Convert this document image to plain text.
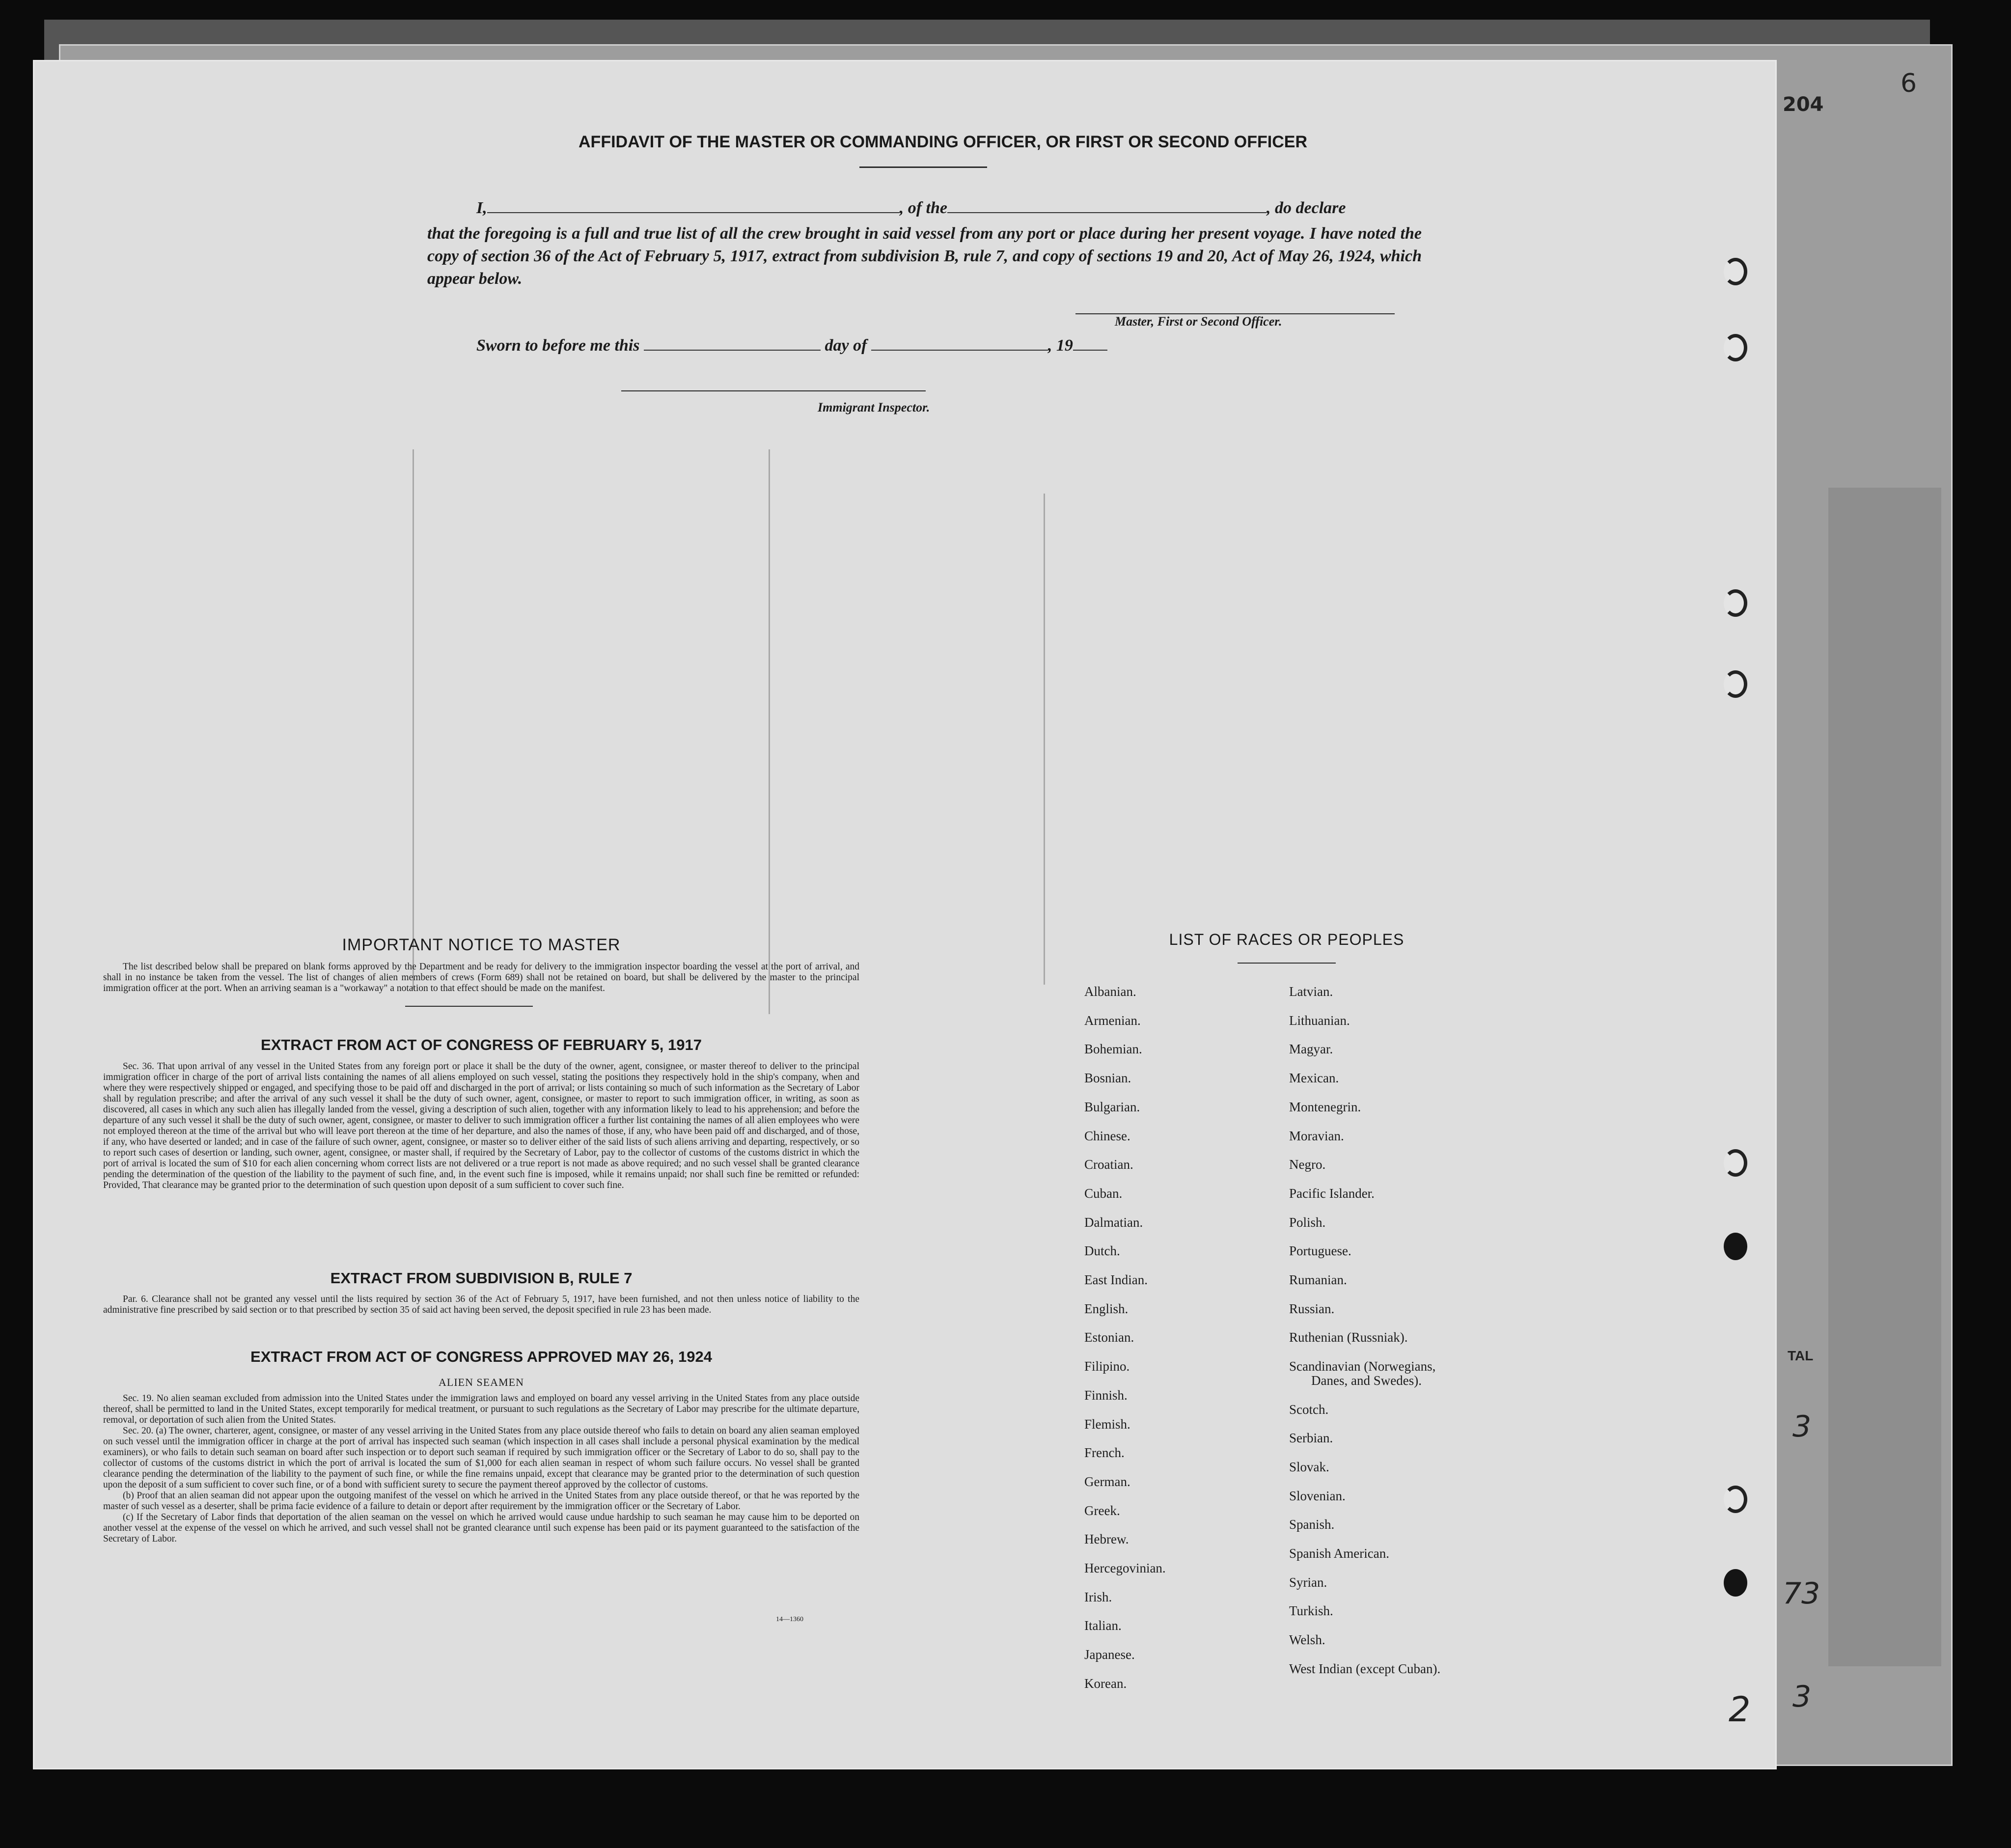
204
6
TAL
3
73
3
AFFIDAVIT OF THE MASTER OR COMMANDING OFFICER, OR FIRST OR SECOND OFFICER
I,	, of the	, do declare
that the foregoing is a full and true list of all the crew brought in said vessel from any port or place during her present voyage. I have noted the copy of section 36 of the Act of February 5, 1917, extract from subdivision B, rule 7, and copy of sections 19 and 20, Act of May 26, 1924, which appear below.
Master, First or Second Officer.
Sworn to before me this	day of	, 19
Immigrant Inspector.
IMPORTANT NOTICE TO MASTER

The list described below shall be prepared on blank forms approved by the Department and be ready for delivery to the immigration inspector boarding the vessel at the port of arrival, and shall in no instance be taken from the vessel. The list of changes of alien members of crews (Form 689) shall not be retained on board, but shall be delivered by the master to the principal immigration officer at the port. When an arriving seaman is a "workaway" a notation to that effect should be made on the manifest.

EXTRACT FROM ACT OF CONGRESS OF FEBRUARY 5, 1917

Sec. 36. That upon arrival of any vessel in the United States from any foreign port or place it shall be the duty of the owner, agent, consignee, or master thereof to deliver to the principal immigration officer in charge of the port of arrival lists containing the names of all aliens employed on such vessel, stating the positions they respectively hold in the ship's company, when and where they were respectively shipped or engaged, and specifying those to be paid off and discharged in the port of arrival; or lists containing so much of such information as the Secretary of Labor shall by regulation prescribe; and after the arrival of any such vessel it shall be the duty of such owner, agent, consignee, or master to report to such immigration officer, in writing, as soon as discovered, all cases in which any such alien has illegally landed from the vessel, giving a description of such alien, together with any information likely to lead to his apprehension; and before the departure of any such vessel it shall be the duty of such owner, agent, consignee, or master to deliver to such immigration officer a further list containing the names of all alien employees who were not employed thereon at the time of the arrival but who will leave port thereon at the time of her departure, and also the names of those, if any, who have been paid off and discharged, and of those, if any, who have deserted or landed; and in case of the failure of such owner, agent, consignee, or master so to deliver either of the said lists of such aliens arriving and departing, respectively, or so to report such cases of desertion or landing, such owner, agent, consignee, or master shall, if required by the Secretary of Labor, pay to the collector of customs of the customs district in which the port of arrival is located the sum of $10 for each alien concerning whom correct lists are not delivered or a true report is not made as above required; and no such vessel shall be granted clearance pending the determination of the question of the liability to the payment of such fine, and, in the event such fine is imposed, while it remains unpaid; nor shall such fine be remitted or refunded: Provided, That clearance may be granted prior to the determination of such question upon deposit of a sum sufficient to cover such fine.

EXTRACT FROM SUBDIVISION B, RULE 7

Par. 6. Clearance shall not be granted any vessel until the lists required by section 36 of the Act of February 5, 1917, have been furnished, and not then unless notice of liability to the administrative fine prescribed by said section or to that prescribed by section 35 of said act having been served, the deposit specified in rule 23 has been made.

EXTRACT FROM ACT OF CONGRESS APPROVED MAY 26, 1924
ALIEN SEAMEN

Sec. 19. No alien seaman excluded from admission into the United States under the immigration laws and employed on board any vessel arriving in the United States from any place outside thereof, shall be permitted to land in the United States, except temporarily for medical treatment, or pursuant to such regulations as the Secretary of Labor may prescribe for the ultimate departure, removal, or deportation of such alien from the United States.

Sec. 20. (a) The owner, charterer, agent, consignee, or master of any vessel arriving in the United States from any place outside thereof who fails to detain on board any alien seaman employed on such vessel until the immigration officer in charge at the port of arrival has inspected such seaman (which inspection in all cases shall include a personal physical examination by the medical examiners), or who fails to detain such seaman on board after such inspection or to deport such seaman if required by such immigration officer or the Secretary of Labor to do so, shall pay to the collector of customs of the customs district in which the port of arrival is located the sum of $1,000 for each alien seaman in respect of whom such failure occurs. No vessel shall be granted clearance pending the determination of the liability to the payment of such fine, or while the fine remains unpaid, except that clearance may be granted prior to the determination of such question upon the deposit of a sum sufficient to cover such fine, or of a bond with sufficient surety to secure the payment thereof approved by the collector of customs.

(b) Proof that an alien seaman did not appear upon the outgoing manifest of the vessel on which he arrived in the United States from any place outside thereof, or that he was reported by the master of such vessel as a deserter, shall be prima facie evidence of a failure to detain or deport after requirement by the immigration officer or the Secretary of Labor.

(c) If the Secretary of Labor finds that deportation of the alien seaman on the vessel on which he arrived would cause undue hardship to such seaman he may cause him to be deported on another vessel at the expense of the vessel on which he arrived, and such vessel shall not be granted clearance until such expense has been paid or its payment guaranteed to the satisfaction of the Secretary of Labor.

14—1360
LIST OF RACES OR PEOPLES
Albanian.
Armenian.
Bohemian.
Bosnian.
Bulgarian.
Chinese.
Croatian.
Cuban.
Dalmatian.
Dutch.
East Indian.
English.
Estonian.
Filipino.
Finnish.
Flemish.
French.
German.
Greek.
Hebrew.
Hercegovinian.
Irish.
Italian.
Japanese.
Korean.
Latvian.
Lithuanian.
Magyar.
Mexican.
Montenegrin.
Moravian.
Negro.
Pacific Islander.
Polish.
Portuguese.
Rumanian.
Russian.
Ruthenian (Russniak).
Scandinavian (Norwegians,
Danes, and Swedes).
Scotch.
Serbian.
Slovak.
Slovenian.
Spanish.
Spanish American.
Syrian.
Turkish.
Welsh.
West Indian (except Cuban).
2
